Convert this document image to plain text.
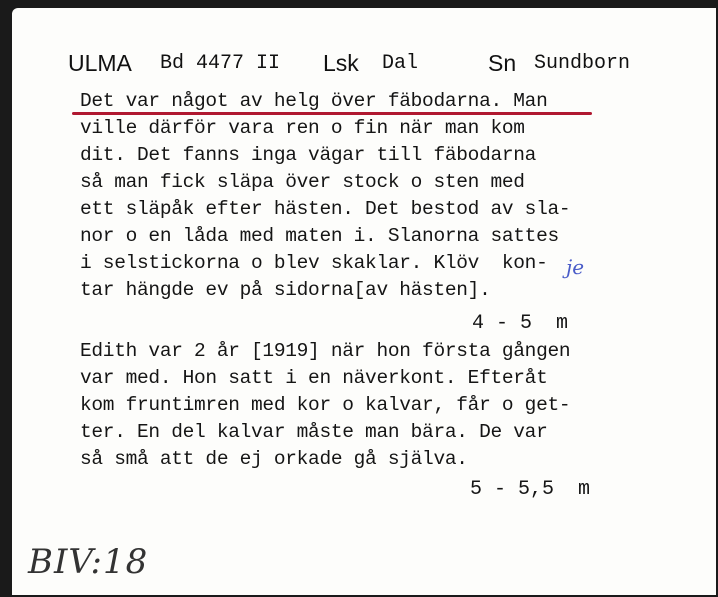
ULMA Bd 4477 II Lsk Dal	Sn Sundborn
Det var något av helg över fäbodarna. Man
ville därför vara ren o fin när man kom
dit. Det fanns inga vägar till fäbodarna
så man fick släpa över stock o sten med
ett släpåk efter hästen. Det bestod av sla-
nor o en låda med maten i. Slanorna sattes
i selstickorna o blev skaklar. Klöv  kon-
tar hängde ev på sidorna[av hästen].
je
4 - 5  m
Edith var 2 år [1919] när hon första gången
var med. Hon satt i en näverkont. Efteråt
kom fruntimren med kor o kalvar, får o get-
ter. En del kalvar måste man bära. De var
så små att de ej orkade gå själva.
5 - 5,5  m
BIV:18
